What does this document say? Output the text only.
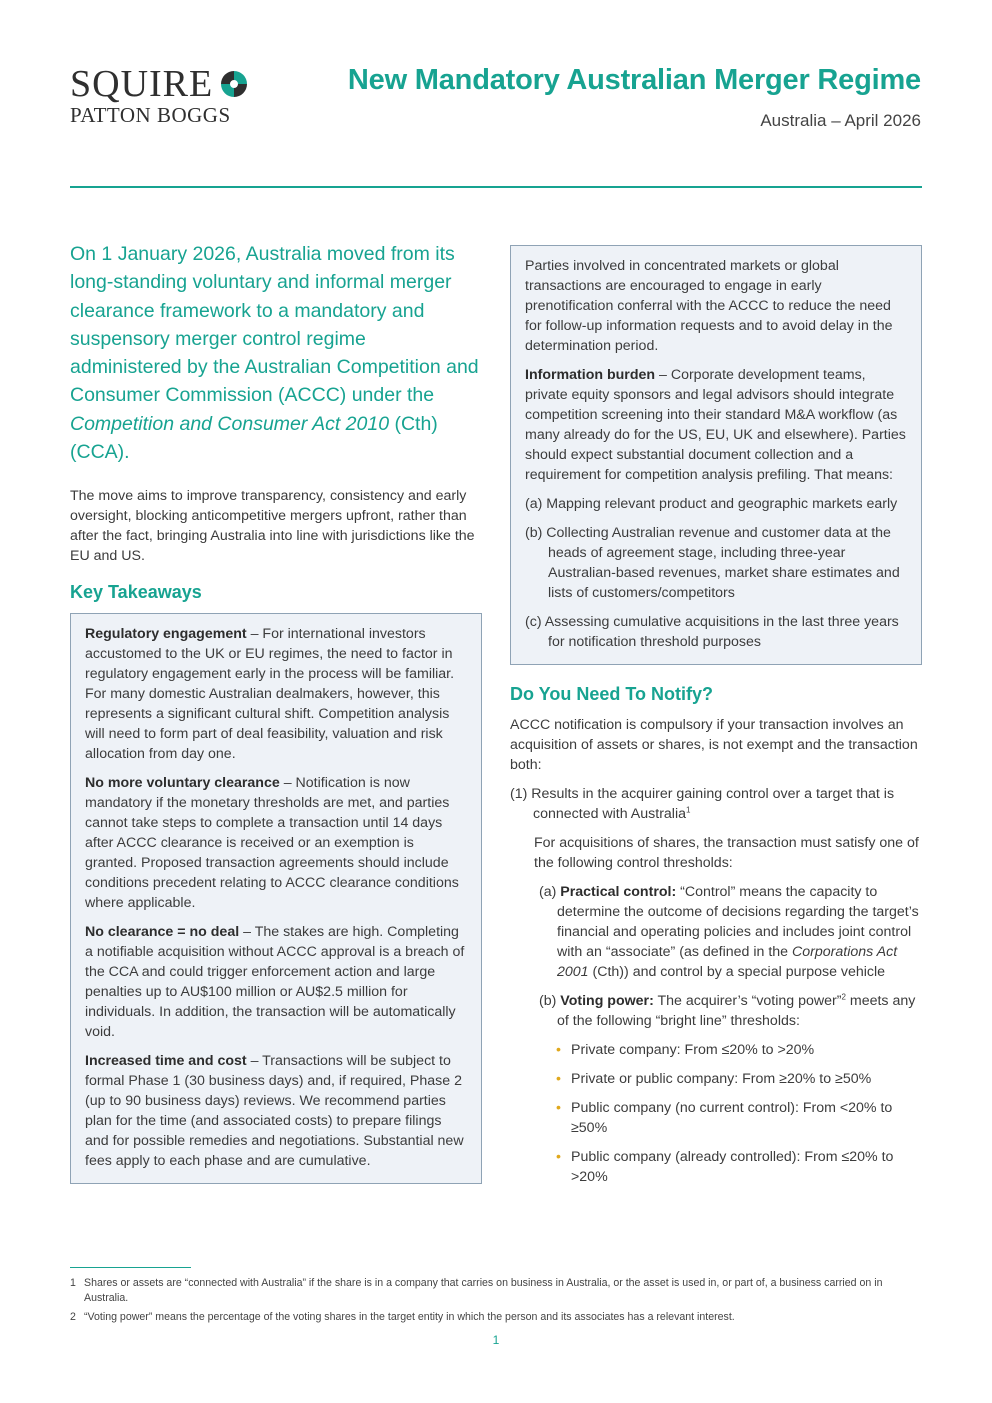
SQUIRE
PATTON BOGGS
New Mandatory Australian Merger Regime
Australia – April 2026

On 1 January 2026, Australia moved from its long-standing voluntary and informal merger clearance framework to a mandatory and suspensory merger control regime administered by the Australian Competition and Consumer Commission (ACCC) under the Competition and Consumer Act 2010 (Cth) (CCA).

The move aims to improve transparency, consistency and early oversight, blocking anticompetitive mergers upfront, rather than after the fact, bringing Australia into line with jurisdictions like the EU and US.

Key Takeaways

Regulatory engagement – For international investors accustomed to the UK or EU regimes, the need to factor in regulatory engagement early in the process will be familiar. For many domestic Australian dealmakers, however, this represents a significant cultural shift. Competition analysis will need to form part of deal feasibility, valuation and risk allocation from day one.

No more voluntary clearance – Notification is now mandatory if the monetary thresholds are met, and parties cannot take steps to complete a transaction until 14 days after ACCC clearance is received or an exemption is granted. Proposed transaction agreements should include conditions precedent relating to ACCC clearance conditions where applicable.

No clearance = no deal – The stakes are high. Completing a notifiable acquisition without ACCC approval is a breach of the CCA and could trigger enforcement action and large penalties up to AU$100 million or AU$2.5 million for individuals. In addition, the transaction will be automatically void.

Increased time and cost – Transactions will be subject to formal Phase 1 (30 business days) and, if required, Phase 2 (up to 90 business days) reviews. We recommend parties plan for the time (and associated costs) to prepare filings and for possible remedies and negotiations. Substantial new fees apply to each phase and are cumulative.

Parties involved in concentrated markets or global transactions are encouraged to engage in early prenotification conferral with the ACCC to reduce the need for follow-up information requests and to avoid delay in the determination period.

Information burden – Corporate development teams, private equity sponsors and legal advisors should integrate competition screening into their standard M&A workflow (as many already do for the US, EU, UK and elsewhere). Parties should expect substantial document collection and a requirement for competition analysis prefiling. That means:

(a) Mapping relevant product and geographic markets early

(b) Collecting Australian revenue and customer data at the heads of agreement stage, including three-year Australian-based revenues, market share estimates and lists of customers/competitors

(c) Assessing cumulative acquisitions in the last three years for notification threshold purposes

Do You Need To Notify?

ACCC notification is compulsory if your transaction involves an acquisition of assets or shares, is not exempt and the transaction both:

(1) Results in the acquirer gaining control over a target that is connected with Australia$^1$

For acquisitions of shares, the transaction must satisfy one of the following control thresholds:

(a) Practical control: “Control” means the capacity to determine the outcome of decisions regarding the target’s financial and operating policies and includes joint control with an “associate” (as defined in the Corporations Act 2001 (Cth)) and control by a special purpose vehicle

(b) Voting power: The acquirer’s “voting power”$^2$ meets any of the following “bright line” thresholds:

• Private company: From ≤20% to >20%
• Private or public company: From ≥20% to ≥50%
• Public company (no current control): From <20% to ≥50%
• Public company (already controlled): From ≤20% to >20%
1 Shares or assets are “connected with Australia” if the share is in a company that carries on business in Australia, or the asset is used in, or part of, a business carried on in Australia.
2 “Voting power” means the percentage of the voting shares in the target entity in which the person and its associates has a relevant interest.
1
